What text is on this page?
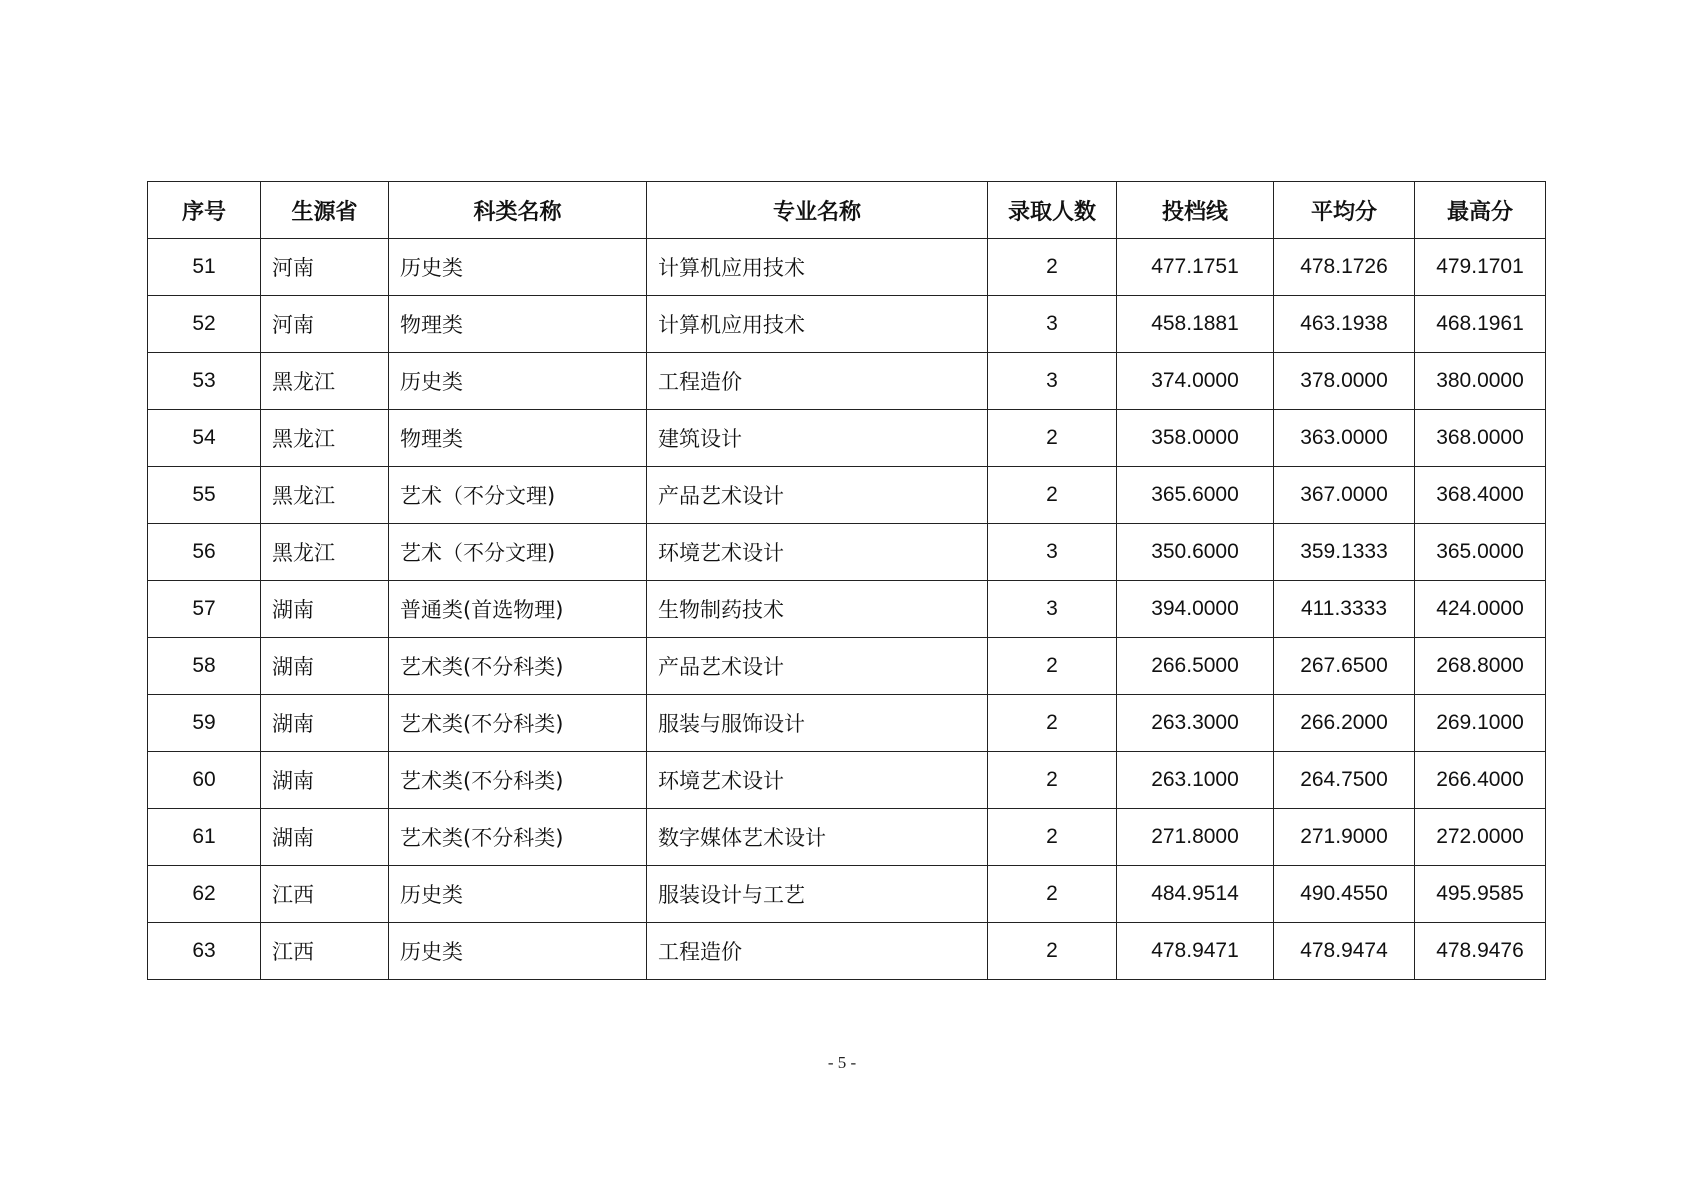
序号	生源省	科类名称	专业名称	录取人数	投档线	平均分	最高分
51	河南	历史类	计算机应用技术	2	477.1751	478.1726	479.1701
52	河南	物理类	计算机应用技术	3	458.1881	463.1938	468.1961
53	黑龙江	历史类	工程造价	3	374.0000	378.0000	380.0000
54	黑龙江	物理类	建筑设计	2	358.0000	363.0000	368.0000
55	黑龙江	艺术（不分文理)	产品艺术设计	2	365.6000	367.0000	368.4000
56	黑龙江	艺术（不分文理)	环境艺术设计	3	350.6000	359.1333	365.0000
57	湖南	普通类(首选物理)	生物制药技术	3	394.0000	411.3333	424.0000
58	湖南	艺术类(不分科类)	产品艺术设计	2	266.5000	267.6500	268.8000
59	湖南	艺术类(不分科类)	服装与服饰设计	2	263.3000	266.2000	269.1000
60	湖南	艺术类(不分科类)	环境艺术设计	2	263.1000	264.7500	266.4000
61	湖南	艺术类(不分科类)	数字媒体艺术设计	2	271.8000	271.9000	272.0000
62	江西	历史类	服装设计与工艺	2	484.9514	490.4550	495.9585
63	江西	历史类	工程造价	2	478.9471	478.9474	478.9476
- 5 -
